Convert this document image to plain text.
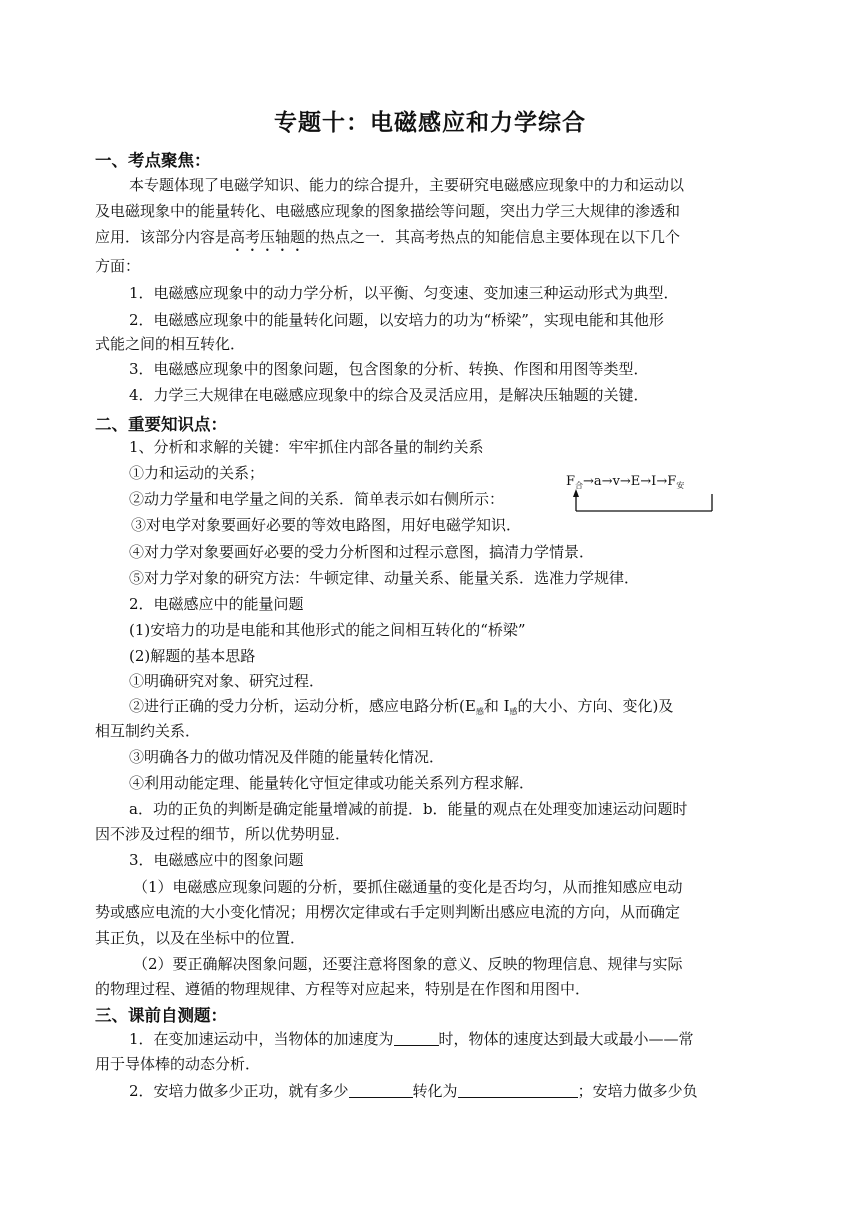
专题十：电磁感应和力学综合
一、考点聚焦：
本专题体现了电磁学知识、能力的综合提升，主要研究电磁感应现象中的力和运动以
及电磁现象中的能量转化、电磁感应现象的图象描绘等问题，突出力学三大规律的渗透和
应用．该部分内容是高考压轴题的热点之一．其高考热点的知能信息主要体现在以下几个
方面：
1．电磁感应现象中的动力学分析，以平衡、匀变速、变加速三种运动形式为典型．
2．电磁感应现象中的能量转化问题，以安培力的功为“桥梁”，实现电能和其他形
式能之间的相互转化．
3．电磁感应现象中的图象问题，包含图象的分析、转换、作图和用图等类型．
4．力学三大规律在电磁感应现象中的综合及灵活应用，是解决压轴题的关键．
二、重要知识点：
1、分析和求解的关键：牢牢抓住内部各量的制约关系
①力和运动的关系；
②动力学量和电学量之间的关系．简单表示如右侧所示：
$F_合\to a\to v\to E\to I\to F_安$
③对电学对象要画好必要的等效电路图，用好电磁学知识．
④对力学对象要画好必要的受力分析图和过程示意图，搞清力学情景．
⑤对力学对象的研究方法：牛顿定律、动量关系、能量关系．选准力学规律．
2．电磁感应中的能量问题
(1)安培力的功是电能和其他形式的能之间相互转化的“桥梁”
(2)解题的基本思路
①明确研究对象、研究过程．
②进行正确的受力分析，运动分析，感应电路分析($E_感$和 $I_感$的大小、方向、变化)及
相互制约关系．
③明确各力的做功情况及伴随的能量转化情况．
④利用动能定理、能量转化守恒定律或功能关系列方程求解．
a．功的正负的判断是确定能量增减的前提．b．能量的观点在处理变加速运动问题时
因不涉及过程的细节，所以优势明显．
3．电磁感应中的图象问题
（1）电磁感应现象问题的分析，要抓住磁通量的变化是否均匀，从而推知感应电动
势或感应电流的大小变化情况；用楞次定律或右手定则判断出感应电流的方向，从而确定
其正负，以及在坐标中的位置．
（2）要正确解决图象问题，还要注意将图象的意义、反映的物理信息、规律与实际
的物理过程、遵循的物理规律、方程等对应起来，特别是在作图和用图中．
三、课前自测题：
1．在变加速运动中，当物体的加速度为	时，物体的速度达到最大或最小——常
用于导体棒的动态分析．
2．安培力做多少正功，就有多少	转化为	；安培力做多少负
